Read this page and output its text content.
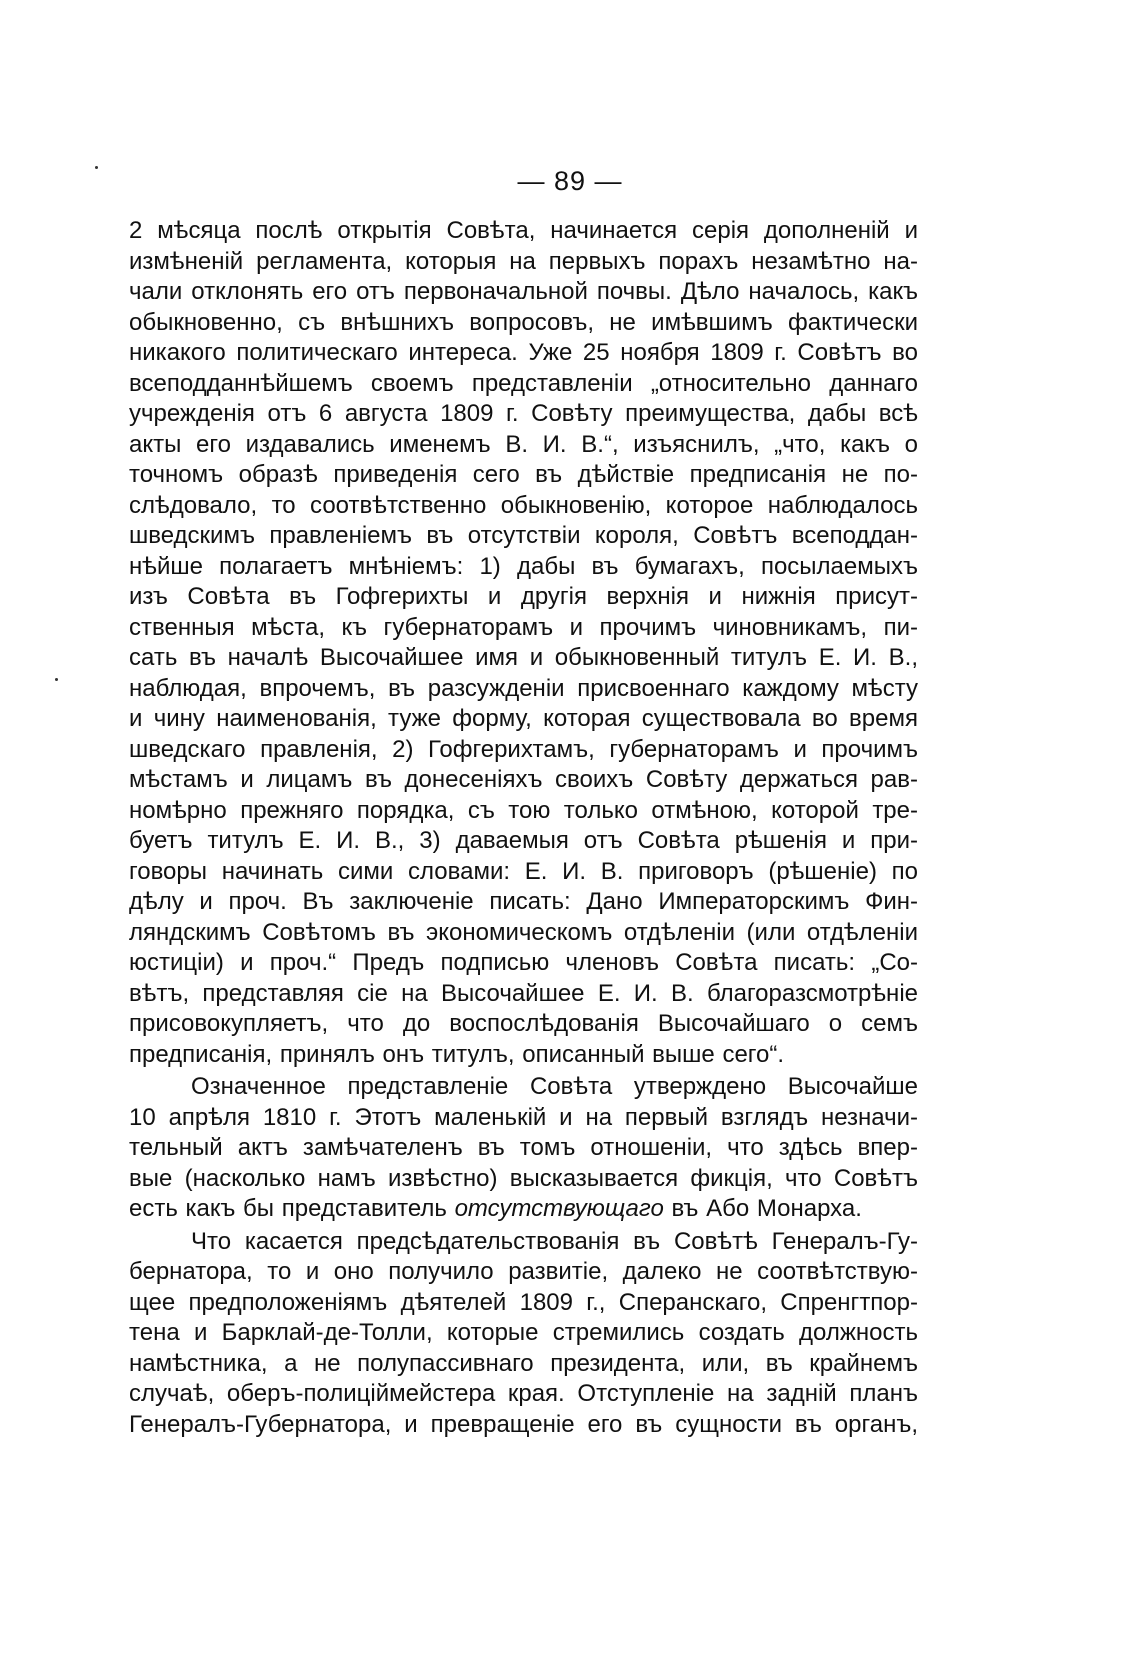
— 89 —
2 мѣсяца послѣ открытія Совѣта, начинается серія дополненій и
измѣненій регламента, которыя на первыхъ порахъ незамѣтно на-
чали отклонять его отъ первоначальной почвы. Дѣло началось, какъ
обыкновенно, съ внѣшнихъ вопросовъ, не имѣвшимъ фактически
никакого политическаго интереса. Уже 25 ноября 1809 г. Совѣтъ во
всеподданнѣйшемъ своемъ представленіи „относительно даннаго
учрежденія отъ 6 августа 1809 г. Совѣту преимущества, дабы всѣ
акты его издавались именемъ В. И. В.“, изъяснилъ, „что, какъ о
точномъ образѣ приведенія сего въ дѣйствіе предписанія не по-
слѣдовало, то соотвѣтственно обыкновенію, которое наблюдалось
шведскимъ правленіемъ въ отсутствіи короля, Совѣтъ всеподдан-
нѣйше полагаетъ мнѣніемъ: 1) дабы въ бумагахъ, посылаемыхъ
изъ Совѣта въ Гофгерихты и другія верхнія и нижнія присут-
ственныя мѣста, къ губернаторамъ и прочимъ чиновникамъ, пи-
сать въ началѣ Высочайшее имя и обыкновенный титулъ Е. И. В.,
наблюдая, впрочемъ, въ разсужденіи присвоеннаго каждому мѣсту
и чину наименованія, туже форму, которая существовала во время
шведскаго правленія, 2) Гофгерихтамъ, губернаторамъ и прочимъ
мѣстамъ и лицамъ въ донесеніяхъ своихъ Совѣту держаться рав-
номѣрно прежняго порядка, съ тою только отмѣною, которой тре-
буетъ титулъ Е. И. В., 3) даваемыя отъ Совѣта рѣшенія и при-
говоры начинать сими словами: Е. И. В. приговоръ (рѣшеніе) по
дѣлу и проч. Въ заключеніе писать: Дано Императорскимъ Фин-
ляндскимъ Совѣтомъ въ экономическомъ отдѣленіи (или отдѣленіи
юстиціи) и проч.“ Предъ подписью членовъ Совѣта писать: „Со-
вѣтъ, представляя сіе на Высочайшее Е. И. В. благоразсмотрѣніе
присовокупляетъ, что до воспослѣдованія Высочайшаго о семъ
предписанія, принялъ онъ титулъ, описанный выше сего“.
Означенное представленіе Совѣта утверждено Высочайше
10 апрѣля 1810 г. Этотъ маленькій и на первый взглядъ незначи-
тельный актъ замѣчателенъ въ томъ отношеніи, что здѣсь впер-
вые (насколько намъ извѣстно) высказывается фикція, что Совѣтъ
есть какъ бы представитель отсутствующаго въ Або Монарха.
Что касается предсѣдательствованія въ Совѣтѣ Генералъ-Гу-
бернатора, то и оно получило развитіе, далеко не соотвѣтствую-
щее предположеніямъ дѣятелей 1809 г., Сперанскаго, Спренгтпор-
тена и Барклай-де-Толли, которые стремились создать должность
намѣстника, а не полупассивнаго президента, или, въ крайнемъ
случаѣ, оберъ-полиціймейстера края. Отступленіе на задній планъ
Генералъ-Губернатора, и превращеніе его въ сущности въ органъ,
